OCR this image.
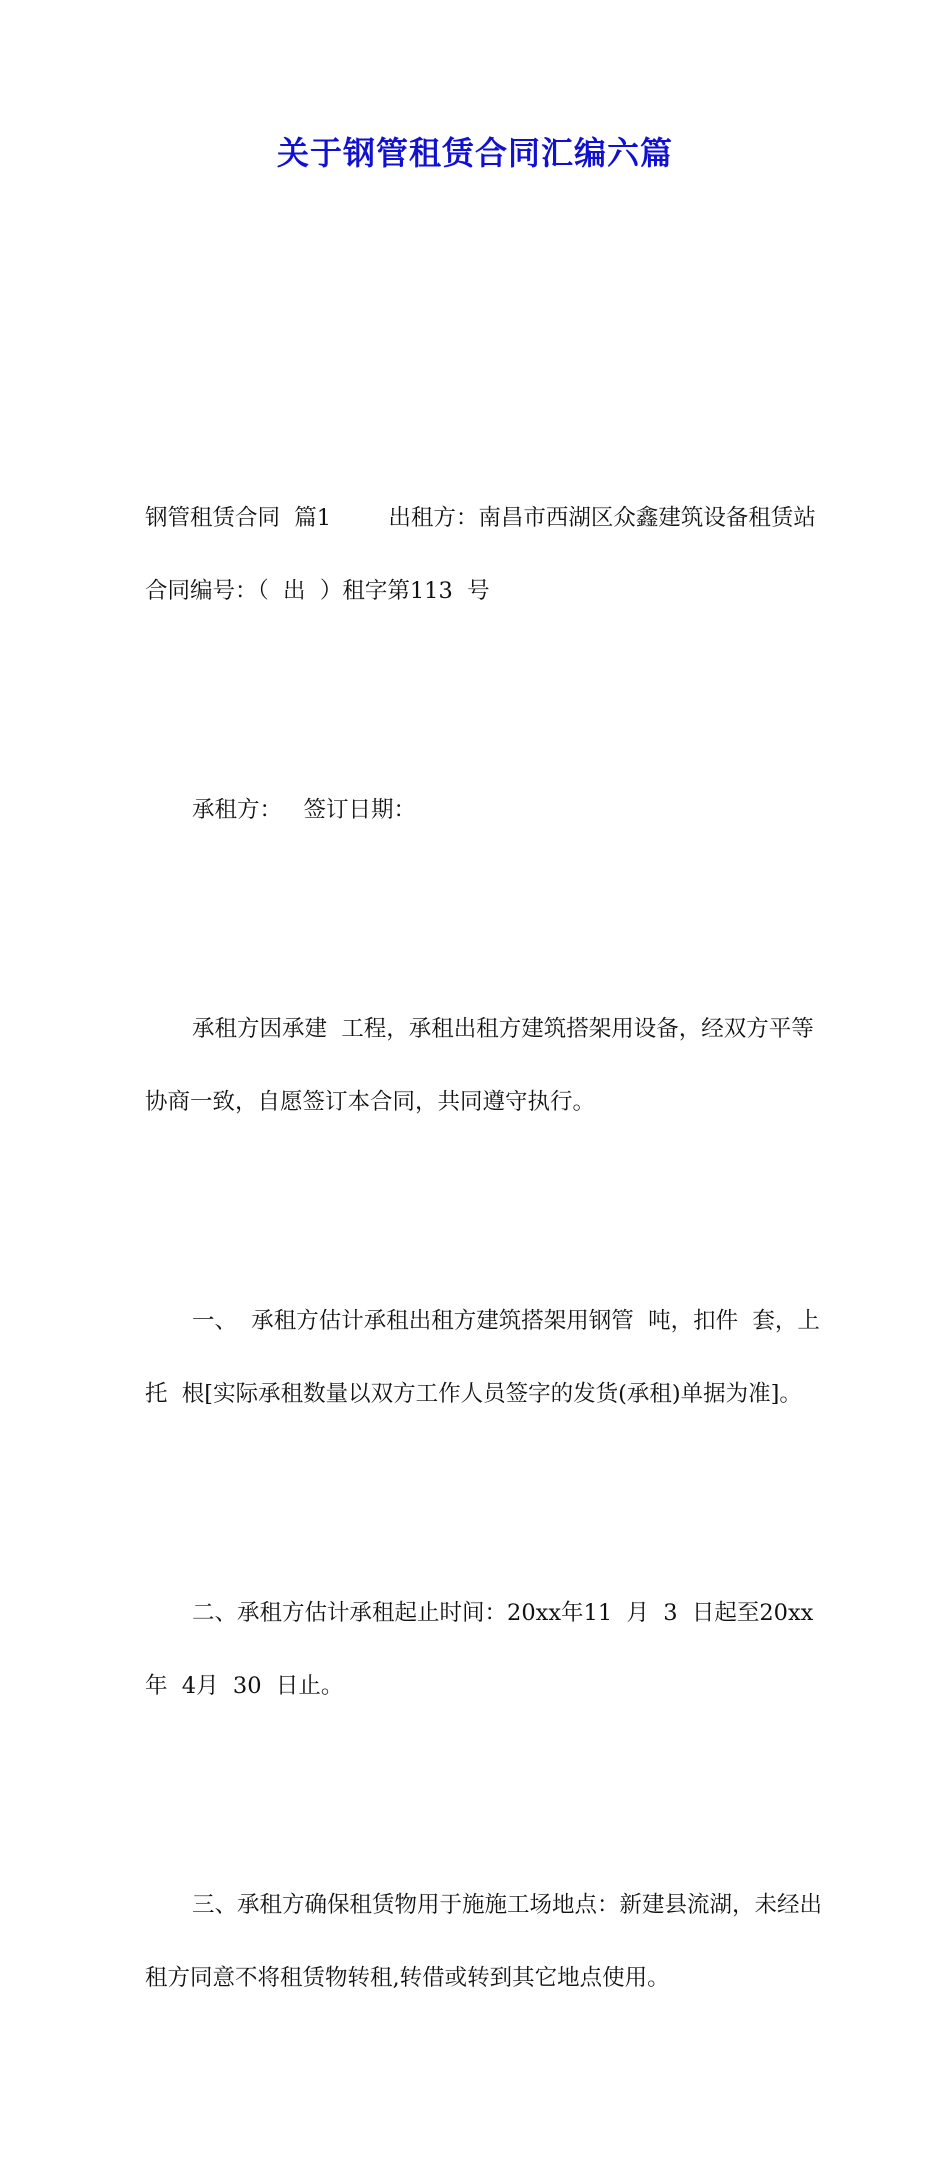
关于钢管租赁合同汇编六篇

钢管租赁合同  篇1        出租方：南昌市西湖区众鑫建筑设备租赁站  合同编号：（  出  ）租字第113  号

承租方：   签订日期：

承租方因承建  工程，承租出租方建筑搭架用设备，经双方平等协商一致，自愿签订本合同，共同遵守执行。

一、  承租方估计承租出租方建筑搭架用钢管  吨，扣件  套，上托  根[实际承租数量以双方工作人员签字的发货(承租)单据为准]。

二、承租方估计承租起止时间：20xx年11  月  3  日起至20xx年  4月  30  日止。

三、承租方确保租赁物用于施施工场地点：新建县流湖，未经出租方同意不将租赁物转租,转借或转到其它地点使用。
